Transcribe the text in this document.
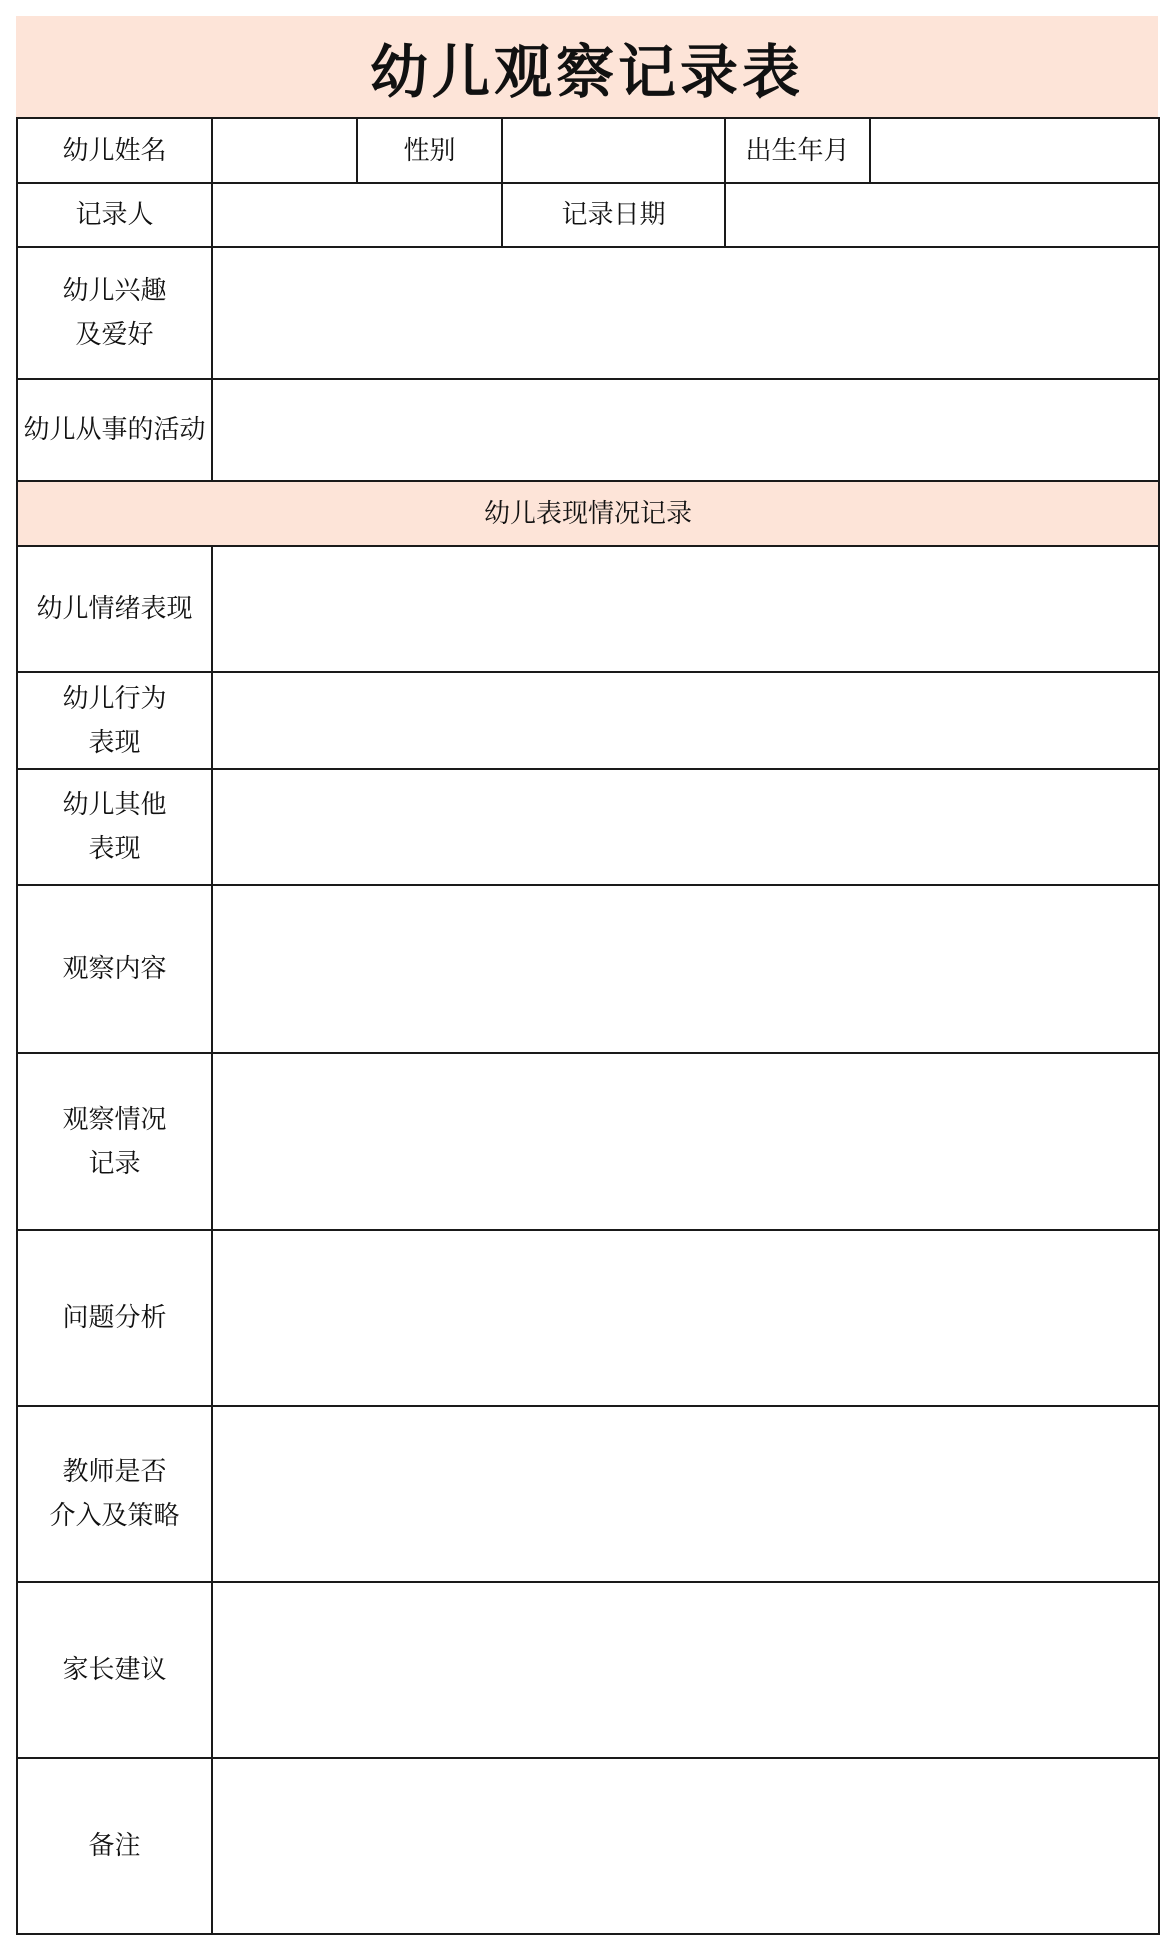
幼儿观察记录表
幼儿姓名		性别		出生年月	

记录人			记录日期		

幼儿兴趣
及爱好					

幼儿从事的活动					

幼儿表现情况记录					

幼儿情绪表现					

幼儿行为
表现					

幼儿其他
表现					

观察内容					

观察情况
记录					

问题分析					

教师是否
介入及策略					

家长建议					

备注					
